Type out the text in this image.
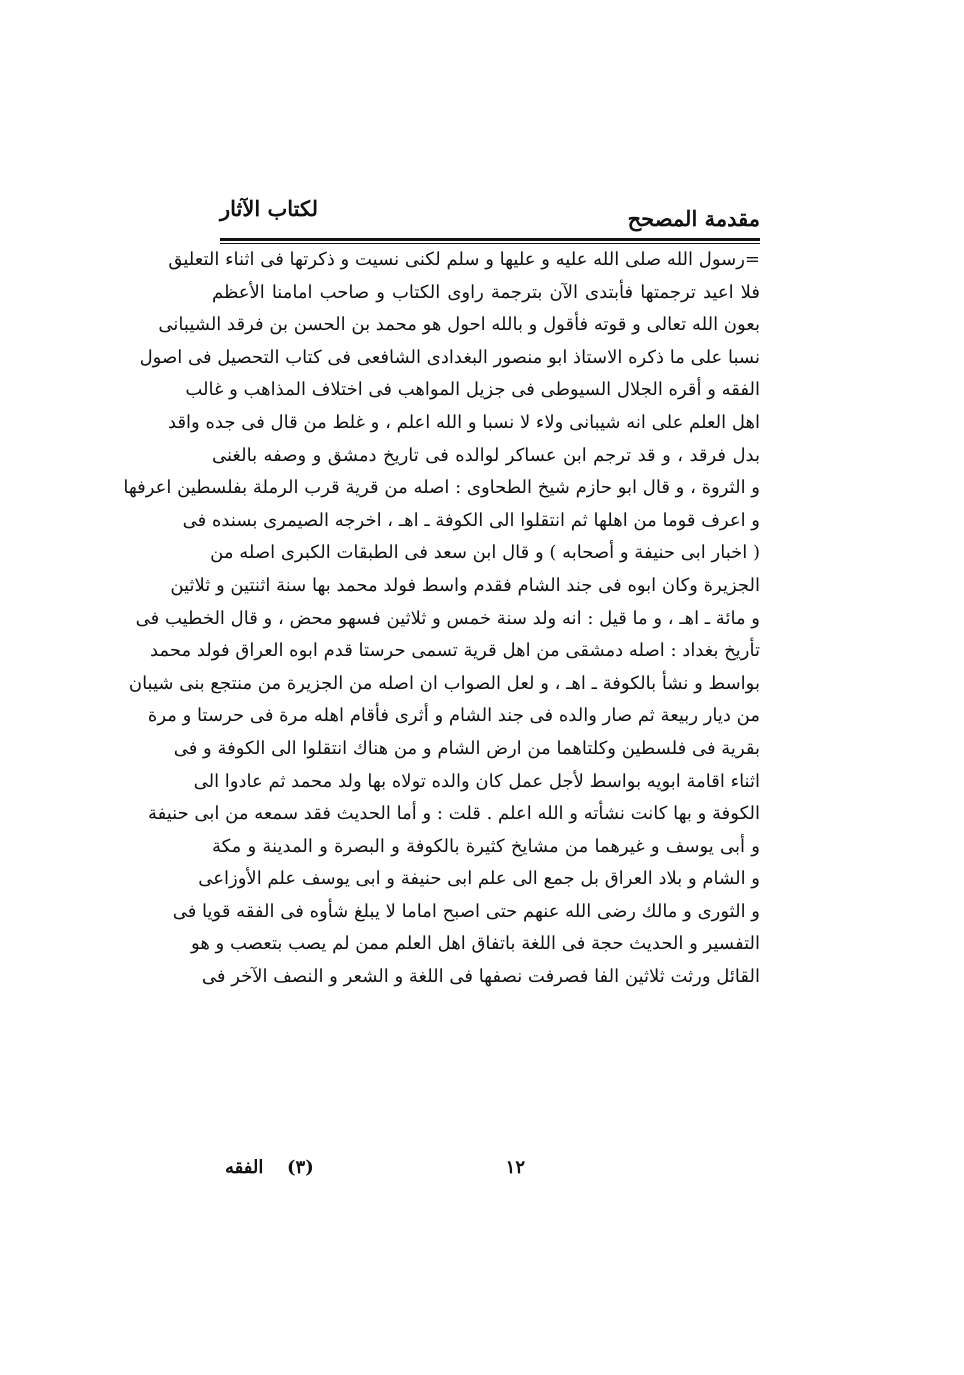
مقدمة المصحح
لكتاب الآثار
=رسول الله صلى الله عليه و عليها و سلم لكنى نسيت و ذكرتها فى اثناء التعليق
فلا اعيد ترجمتها فأبتدى الآن بترجمة راوى الكتاب و صاحب امامنا الأعظم
بعون الله تعالى و قوته فأقول و بالله احول هو محمد بن الحسن بن فرقد الشيبانى
نسبا على ما ذكره الاستاذ ابو منصور البغدادى الشافعى فى كتاب التحصيل فى اصول
الفقه و أقره الجلال السيوطى فى جزيل المواهب فى اختلاف المذاهب و غالب
اهل العلم على انه شيبانى ولاء لا نسبا و الله اعلم ، و غلط من قال فى جده واقد
بدل فرقد ، و قد ترجم ابن عساكر لوالده فى تاريخ دمشق و وصفه بالغنى
و الثروة ، و قال ابو حازم شيخ الطحاوى : اصله من قرية قرب الرملة بفلسطين اعرفها
و اعرف قوما من اهلها ثم انتقلوا الى الكوفة ـ اهـ ، اخرجه الصيمرى بسنده فى
( اخبار ابى حنيفة و أصحابه ) و قال ابن سعد فى الطبقات الكبرى اصله من
الجزيرة وكان ابوه فى جند الشام فقدم واسط فولد محمد بها سنة اثنتين و ثلاثين
و مائة ـ اهـ ، و ما قيل : انه ولد سنة خمس و ثلاثين فسهو محض ، و قال الخطيب فى
تأريخ بغداد : اصله دمشقى من اهل قرية تسمى حرستا قدم ابوه العراق فولد محمد
بواسط و نشأ بالكوفة ـ اهـ ، و لعل الصواب ان اصله من الجزيرة من منتجع بنى شيبان
من ديار ربيعة ثم صار والده فى جند الشام و أثرى فأقام اهله مرة فى حرستا و مرة
بقرية فى فلسطين وكلتاهما من ارض الشام و من هناك انتقلوا الى الكوفة و فى
اثناء اقامة ابويه بواسط لأجل عمل كان والده تولاه بها ولد محمد ثم عادوا الى
الكوفة و بها كانت نشأته و الله اعلم . قلت : و أما الحديث فقد سمعه من ابى حنيفة
و أبى يوسف و غيرهما من مشايخ كثيرة بالكوفة و البصرة و المدينة و مكة
و الشام و بلاد العراق بل جمع الى علم ابى حنيفة و ابى يوسف علم الأوزاعى
و الثورى و مالك رضى الله عنهم حتى اصبح اماما لا يبلغ شأوه فى الفقه قويا فى
التفسير و الحديث حجة فى اللغة باتفاق اهل العلم ممن لم يصب بتعصب و هو
القائل ورثت ثلاثين الفا فصرفت نصفها فى اللغة و الشعر و النصف الآخر فى
١٢
(٣)
الفقه
